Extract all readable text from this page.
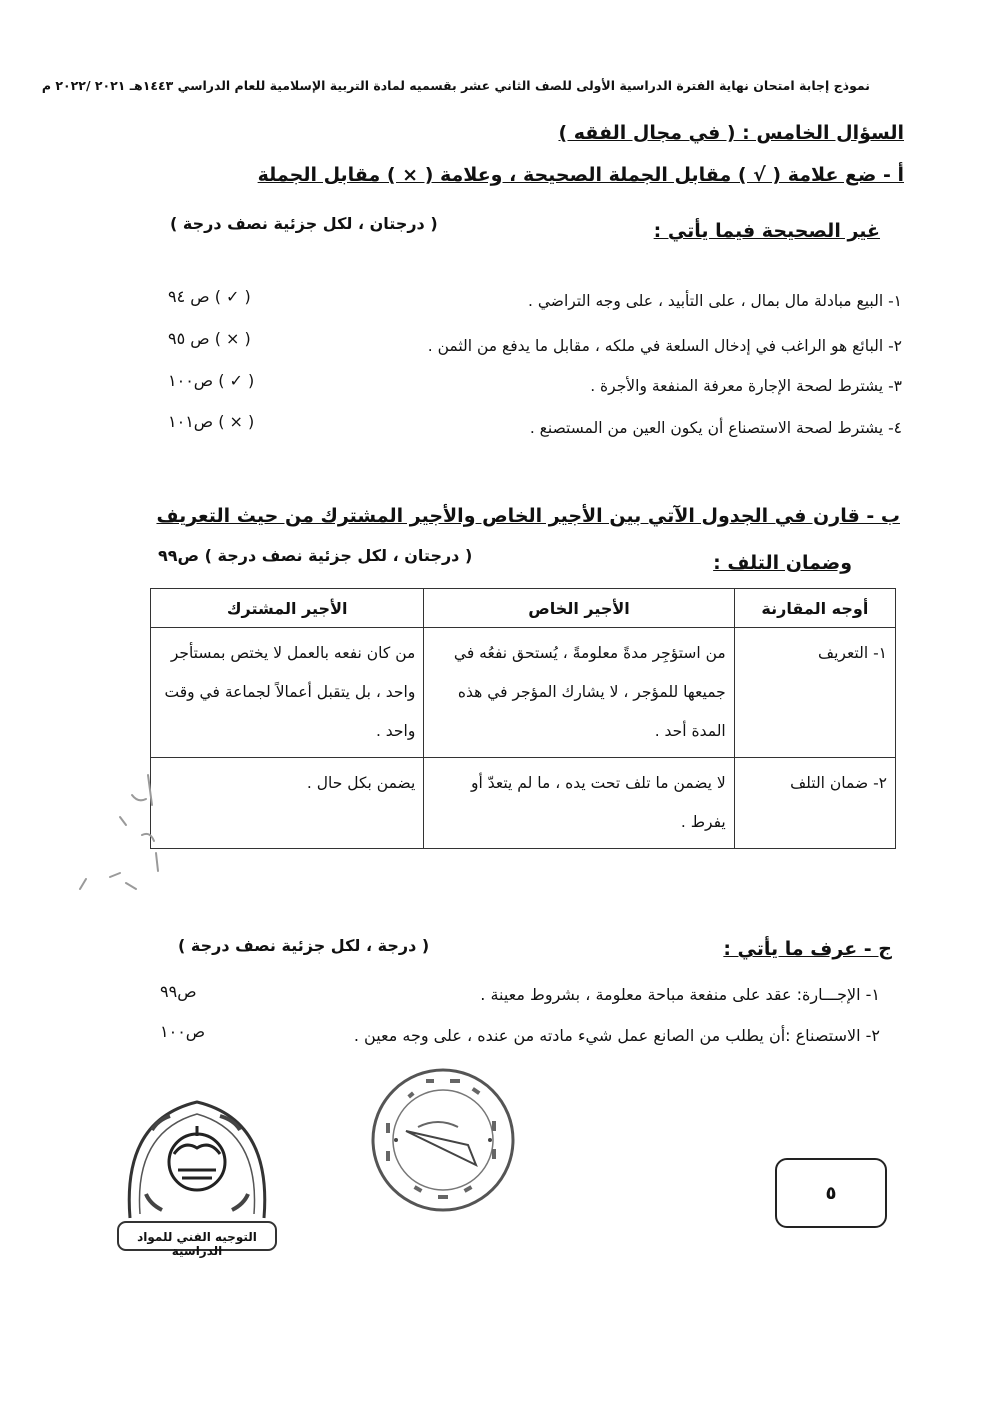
نموذج إجابة امتحان نهاية الفترة الدراسية الأولى للصف الثاني عشر بقسميه لمادة التربية الإسلامية للعام الدراسي ١٤٤٣هـ ٢٠٢١ /٢٠٢٢ م
السؤال الخامس : ( في مجال الفقه )
أ - ضع علامة ( √ ) مقابل الجملة الصحيحة ، وعلامة ( × ) مقابل الجملة
غير الصحيحة فيما يأتي :
( درجتان ، لكل جزئية نصف درجة )
١- البيع مبادلة مال بمال ، على التأبيد ، على وجه التراضي .
( ✓ ) ص ٩٤
٢- البائع هو الراغب في إدخال السلعة في ملكه ، مقابل ما يدفع من الثمن .
( × ) ص ٩٥
٣- يشترط لصحة الإجارة معرفة المنفعة والأجرة .
( ✓ ) ص١٠٠
٤- يشترط لصحة الاستصناع أن يكون العين من المستصنع .
( × ) ص١٠١
ب - قارن في الجدول الآتي بين الأجير الخاص والأجير المشترك من حيث التعريف
وضمان التلف :
( درجتان ، لكل جزئية نصف درجة ) ص٩٩
أوجه المقارنة	الأجير الخاص	الأجير المشترك
١- التعريف	من استؤجِر مدةً معلومةً ، يُستحق نفعُه في جميعها للمؤجر ، لا يشارك المؤجر في هذه المدة أحد .	من كان نفعه بالعمل لا يختص بمستأجر واحد ، بل يتقبل أعمالاً لجماعة في وقت واحد .
٢- ضمان التلف	لا يضمن ما تلف تحت يده ، ما لم يتعدّ أو يفرط .	يضمن بكل حال .
ج - عرف ما يأتي :
( درجة ، لكل جزئية نصف درجة )
١- الإجـــارة: عقد على منفعة مباحة معلومة ، بشروط معينة .
ص٩٩
٢- الاستصناع :أن يطلب من الصانع عمل شيء مادته من عنده ، على وجه معين .
ص١٠٠
التوجيه الفني للمواد الدراسية
٥
